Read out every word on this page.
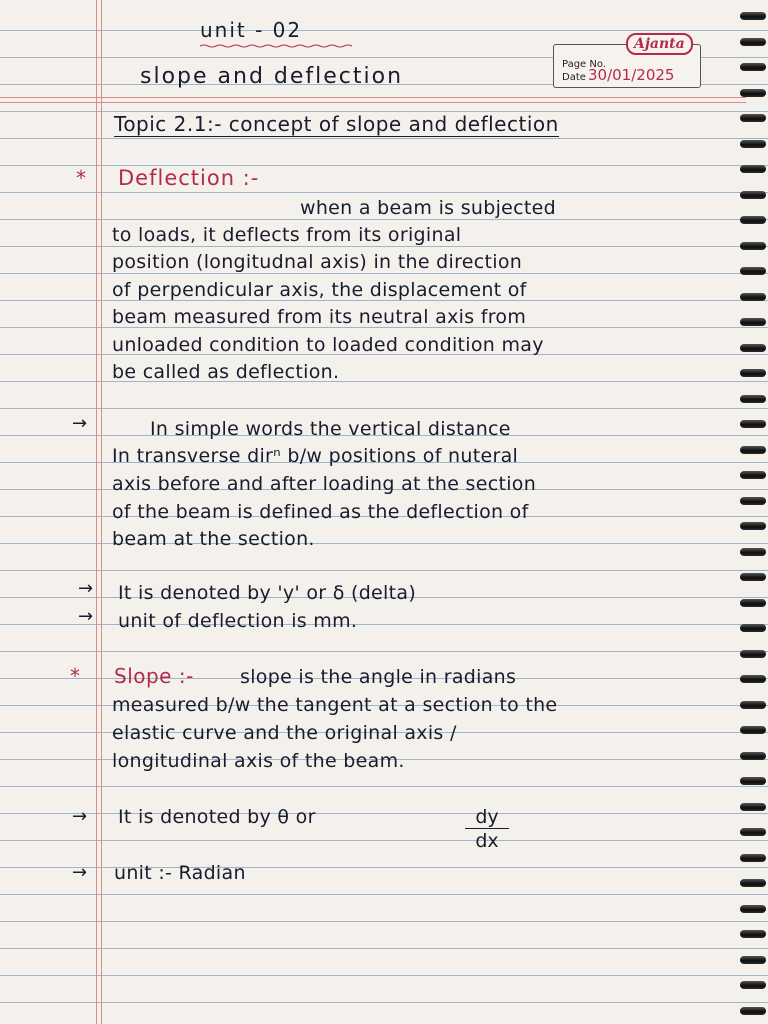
unit - 02
slope and deflection
Ajanta
Page No.
Date 30/01/2025
Topic 2.1:- concept of slope and deflection
* Deflection :-
when a beam is subjected
to loads, it deflects from its original
position (longitudnal axis) in the direction
of perpendicular axis, the displacement of
beam measured from its neutral axis from
unloaded condition to loaded condition may
be called as deflection.
→	In simple words the vertical distance
In transverse dirⁿ b/w positions of nuteral
axis before and after loading at the section
of the beam is defined as the deflection of
beam at the section.
→ It is denoted by 'y' or δ (delta)
→ unit of deflection is mm.
* Slope :- slope is the angle in radians
measured b/w the tangent at a section to the
elastic curve and the original axis /
longitudinal axis of the beam.
→ It is denoted by θ or	$\frac{dy}{dx}$
→ unit :- Radian
